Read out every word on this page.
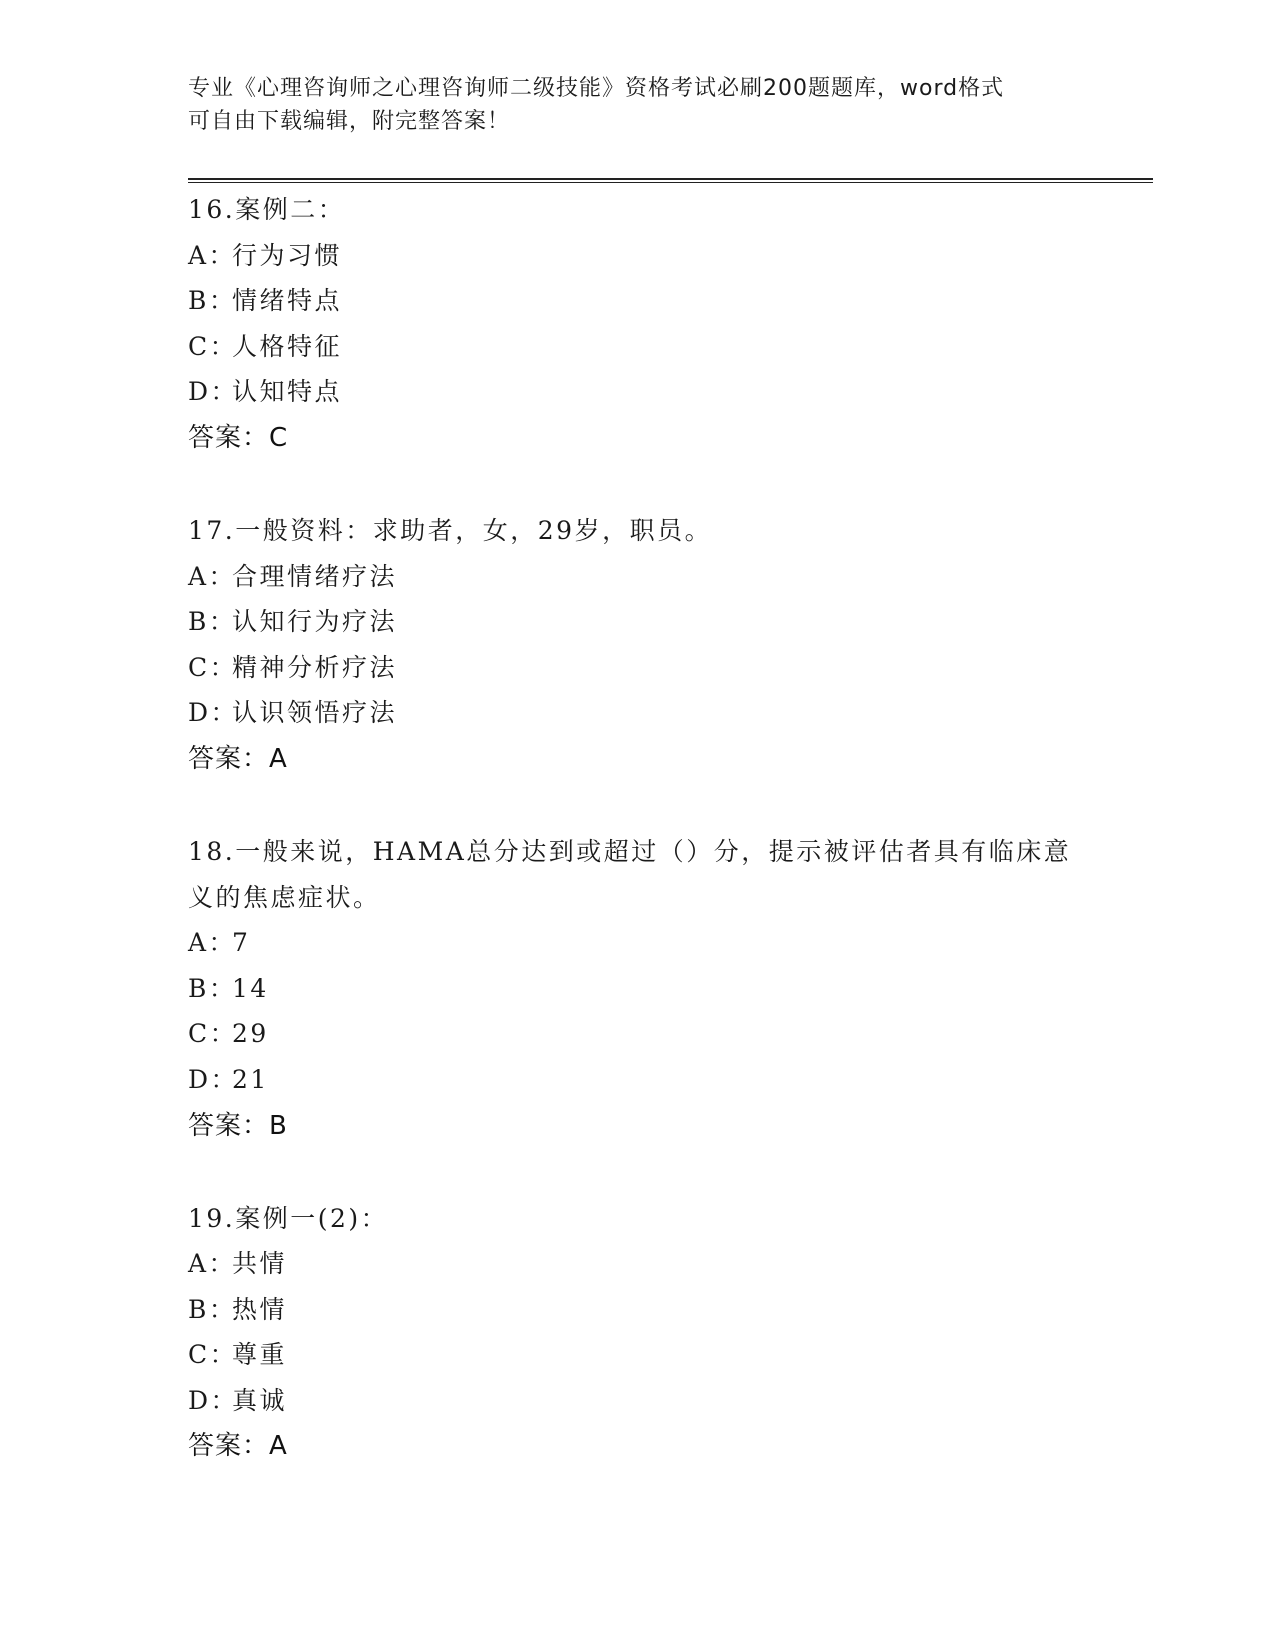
专业《心理咨询师之心理咨询师二级技能》资格考试必刷200题题库，word格式
可自由下载编辑，附完整答案！
16.案例二：
A：
行为习惯
B：
情绪特点
C：
人格特征
D：
认知特点
答案：C
17.一般资料：求助者，女，29岁，职员。
A：
合理情绪疗法
B：
认知行为疗法
C：
精神分析疗法
D：
认识领悟疗法
答案：A
18.一般来说，HAMA总分达到或超过（）分，提示被评估者具有临床意
义的焦虑症状。
A：
7
B：
14
C：
29
D：
21
答案：B
19.案例一(2)：
A：
共情
B：
热情
C：
尊重
D：
真诚
答案：A
